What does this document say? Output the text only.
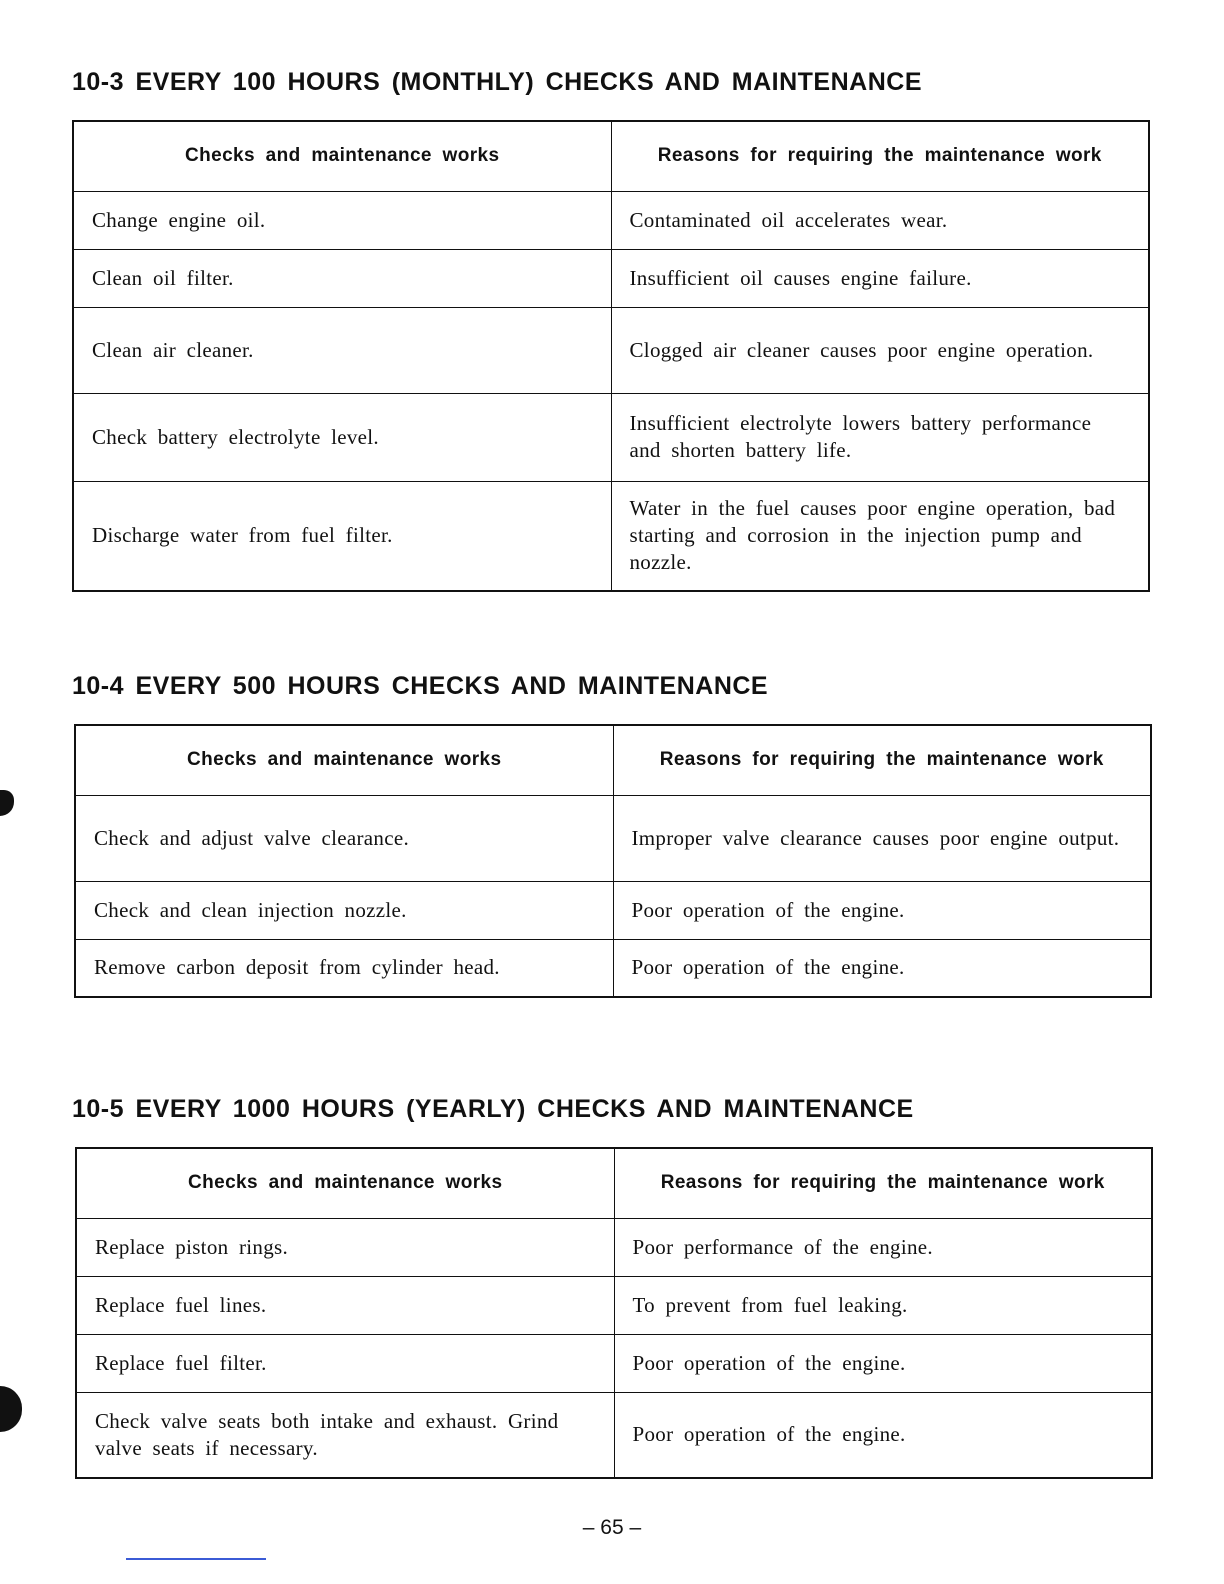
10-3 EVERY 100 HOURS (MONTHLY) CHECKS AND MAINTENANCE
Checks and maintenance works	Reasons for requiring the maintenance work
Change engine oil.	Contaminated oil accelerates wear.
Clean oil filter.	Insufficient oil causes engine failure.
Clean air cleaner.	Clogged air cleaner causes poor engine operation.
Check battery electrolyte level.	Insufficient electrolyte lowers battery performance and shorten battery life.
Discharge water from fuel filter.	Water in the fuel causes poor engine operation, bad starting and corrosion in the injection pump and nozzle.
10-4 EVERY 500 HOURS CHECKS AND MAINTENANCE
Checks and maintenance works	Reasons for requiring the maintenance work
Check and adjust valve clearance.	Improper valve clearance causes poor engine output.
Check and clean injection nozzle.	Poor operation of the engine.
Remove carbon deposit from cylinder head.	Poor operation of the engine.
10-5 EVERY 1000 HOURS (YEARLY) CHECKS AND MAINTENANCE
Checks and maintenance works	Reasons for requiring the maintenance work
Replace piston rings.	Poor performance of the engine.
Replace fuel lines.	To prevent from fuel leaking.
Replace fuel filter.	Poor operation of the engine.
Check valve seats both intake and exhaust. Grind valve seats if necessary.	Poor operation of the engine.
– 65 –
